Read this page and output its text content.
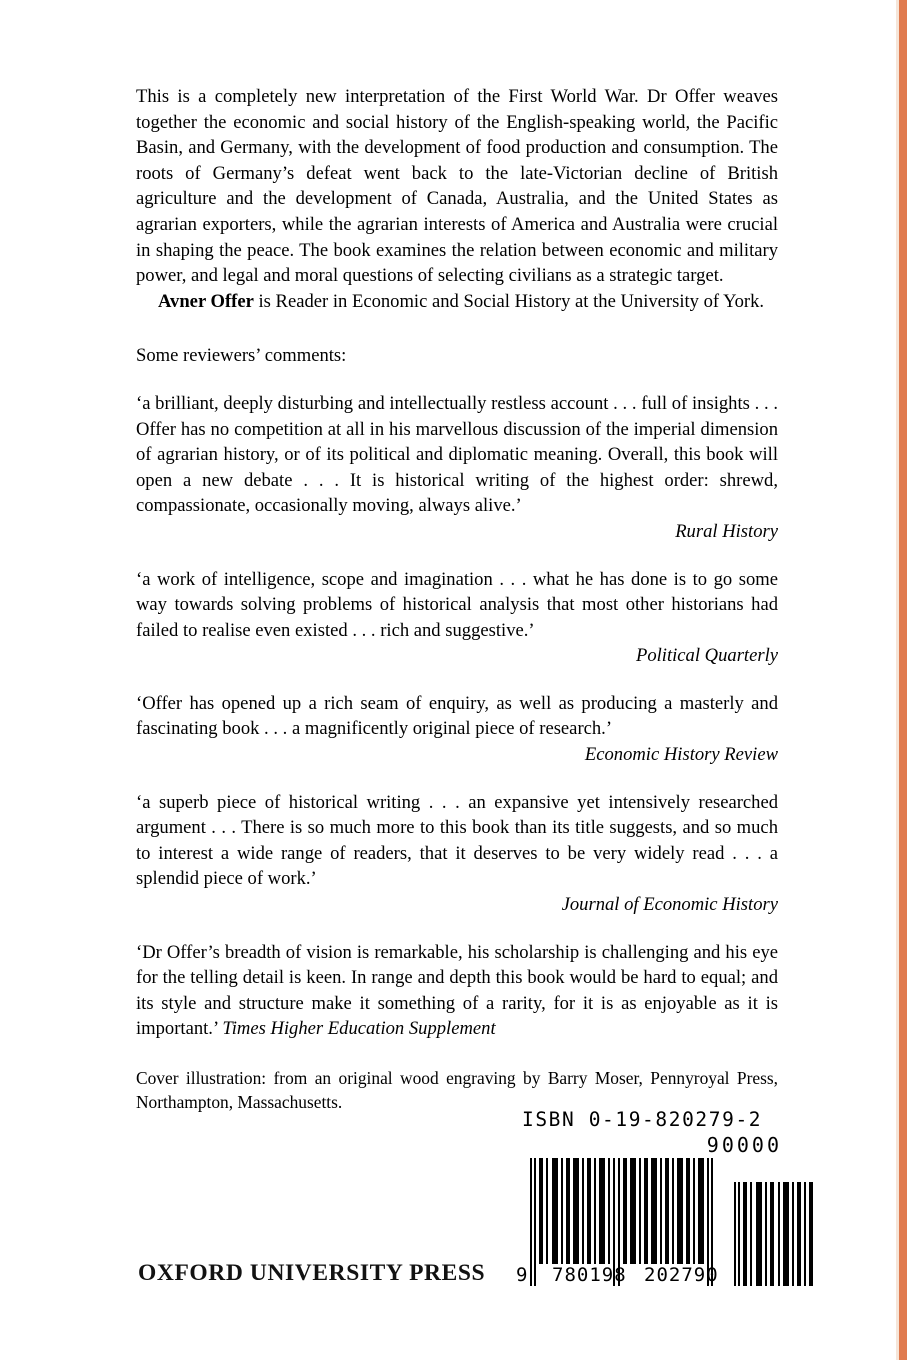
This is a completely new interpretation of the First World War. Dr Offer weaves together the economic and social history of the English-speaking world, the Pacific Basin, and Germany, with the development of food production and consumption. The roots of Germany’s defeat went back to the late-Victorian decline of British agriculture and the development of Canada, Australia, and the United States as agrarian exporters, while the agrarian interests of America and Australia were crucial in shaping the peace. The book examines the relation between economic and military power, and legal and moral questions of selecting civilians as a strategic target.

Avner Offer is Reader in Economic and Social History at the University of York.

Some reviewers’ comments:

‘a brilliant, deeply disturbing and intellectually restless account . . . full of insights . . . Offer has no competition at all in his marvellous discussion of the imperial dimension of agrarian history, or of its political and diplomatic meaning. Overall, this book will open a new debate . . . It is historical writing of the highest order: shrewd, compassionate, occasionally moving, always alive.’
Rural History

‘a work of intelligence, scope and imagination . . . what he has done is to go some way towards solving problems of historical analysis that most other historians had failed to realise even existed . . . rich and suggestive.’
Political Quarterly

‘Offer has opened up a rich seam of enquiry, as well as producing a masterly and fascinating book . . . a magnificently original piece of research.’
Economic History Review

‘a superb piece of historical writing . . . an expansive yet intensively researched argument . . . There is so much more to this book than its title suggests, and so much to interest a wide range of readers, that it deserves to be very widely read . . . a splendid piece of work.’
Journal of Economic History

‘Dr Offer’s breadth of vision is remarkable, his scholarship is challenging and his eye for the telling detail is keen. In range and depth this book would be hard to equal; and its style and structure make it something of a rarity, for it is as enjoyable as it is important.’ Times Higher Education Supplement

Cover illustration: from an original wood engraving by Barry Moser, Pennyroyal Press, Northampton, Massachusetts.

OXFORD UNIVERSITY PRESS
ISBN 0-19-820279-2
90000
9 780198 202790
